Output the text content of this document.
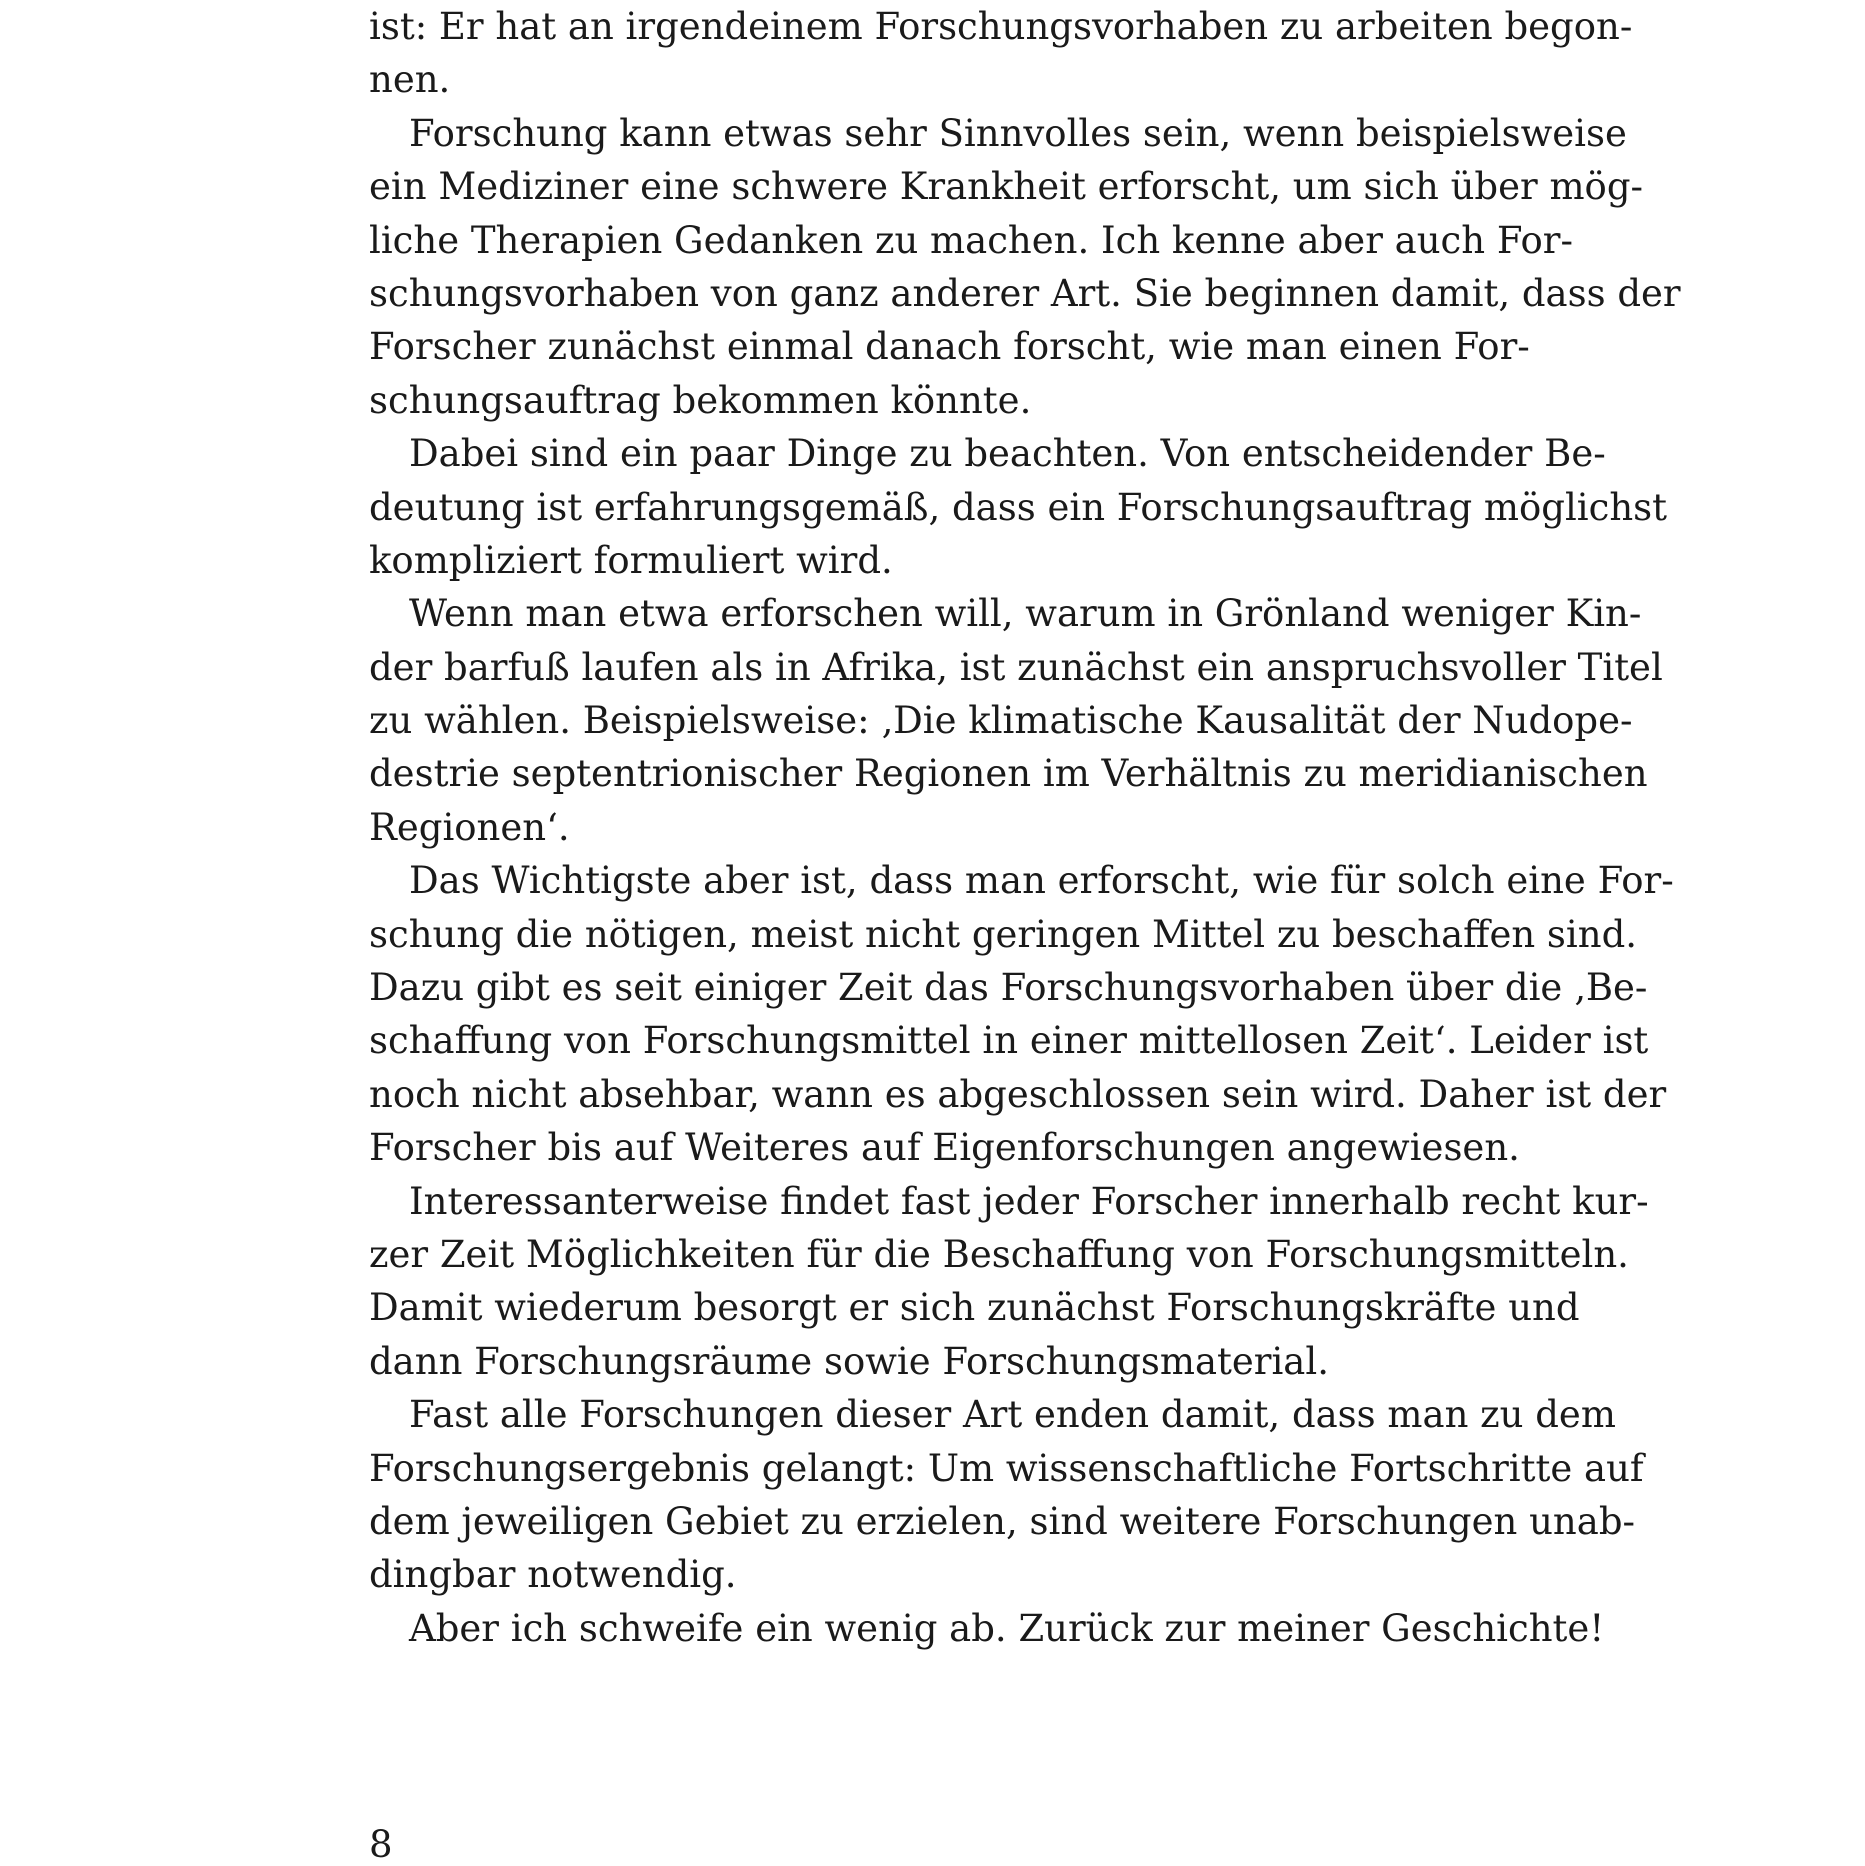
ist: Er hat an irgendeinem Forschungsvorhaben zu arbeiten begon-
nen.
Forschung kann etwas sehr Sinnvolles sein, wenn beispielsweise
ein Mediziner eine schwere Krankheit erforscht, um sich über mög-
liche Therapien Gedanken zu machen. Ich kenne aber auch For-
schungsvorhaben von ganz anderer Art. Sie beginnen damit, dass der
Forscher zunächst einmal danach forscht, wie man einen For-
schungsauftrag bekommen könnte.
Dabei sind ein paar Dinge zu beachten. Von entscheidender Be-
deutung ist erfahrungsgemäß, dass ein Forschungsauftrag möglichst
kompliziert formuliert wird.
Wenn man etwa erforschen will, warum in Grönland weniger Kin-
der barfuß laufen als in Afrika, ist zunächst ein anspruchsvoller Titel
zu wählen. Beispielsweise: ‚Die klimatische Kausalität der Nudope-
destrie septentrionischer Regionen im Verhältnis zu meridianischen
Regionen‘.
Das Wichtigste aber ist, dass man erforscht, wie für solch eine For-
schung die nötigen, meist nicht geringen Mittel zu beschaffen sind.
Dazu gibt es seit einiger Zeit das Forschungsvorhaben über die ‚Be-
schaffung von Forschungsmittel in einer mittellosen Zeit‘. Leider ist
noch nicht absehbar, wann es abgeschlossen sein wird. Daher ist der
Forscher bis auf Weiteres auf Eigenforschungen angewiesen.
Interessanterweise findet fast jeder Forscher innerhalb recht kur-
zer Zeit Möglichkeiten für die Beschaffung von Forschungsmitteln.
Damit wiederum besorgt er sich zunächst Forschungskräfte und
dann Forschungsräume sowie Forschungsmaterial.
Fast alle Forschungen dieser Art enden damit, dass man zu dem
Forschungsergebnis gelangt: Um wissenschaftliche Fortschritte auf
dem jeweiligen Gebiet zu erzielen, sind weitere Forschungen unab-
dingbar notwendig.
Aber ich schweife ein wenig ab. Zurück zur meiner Geschichte!
8
